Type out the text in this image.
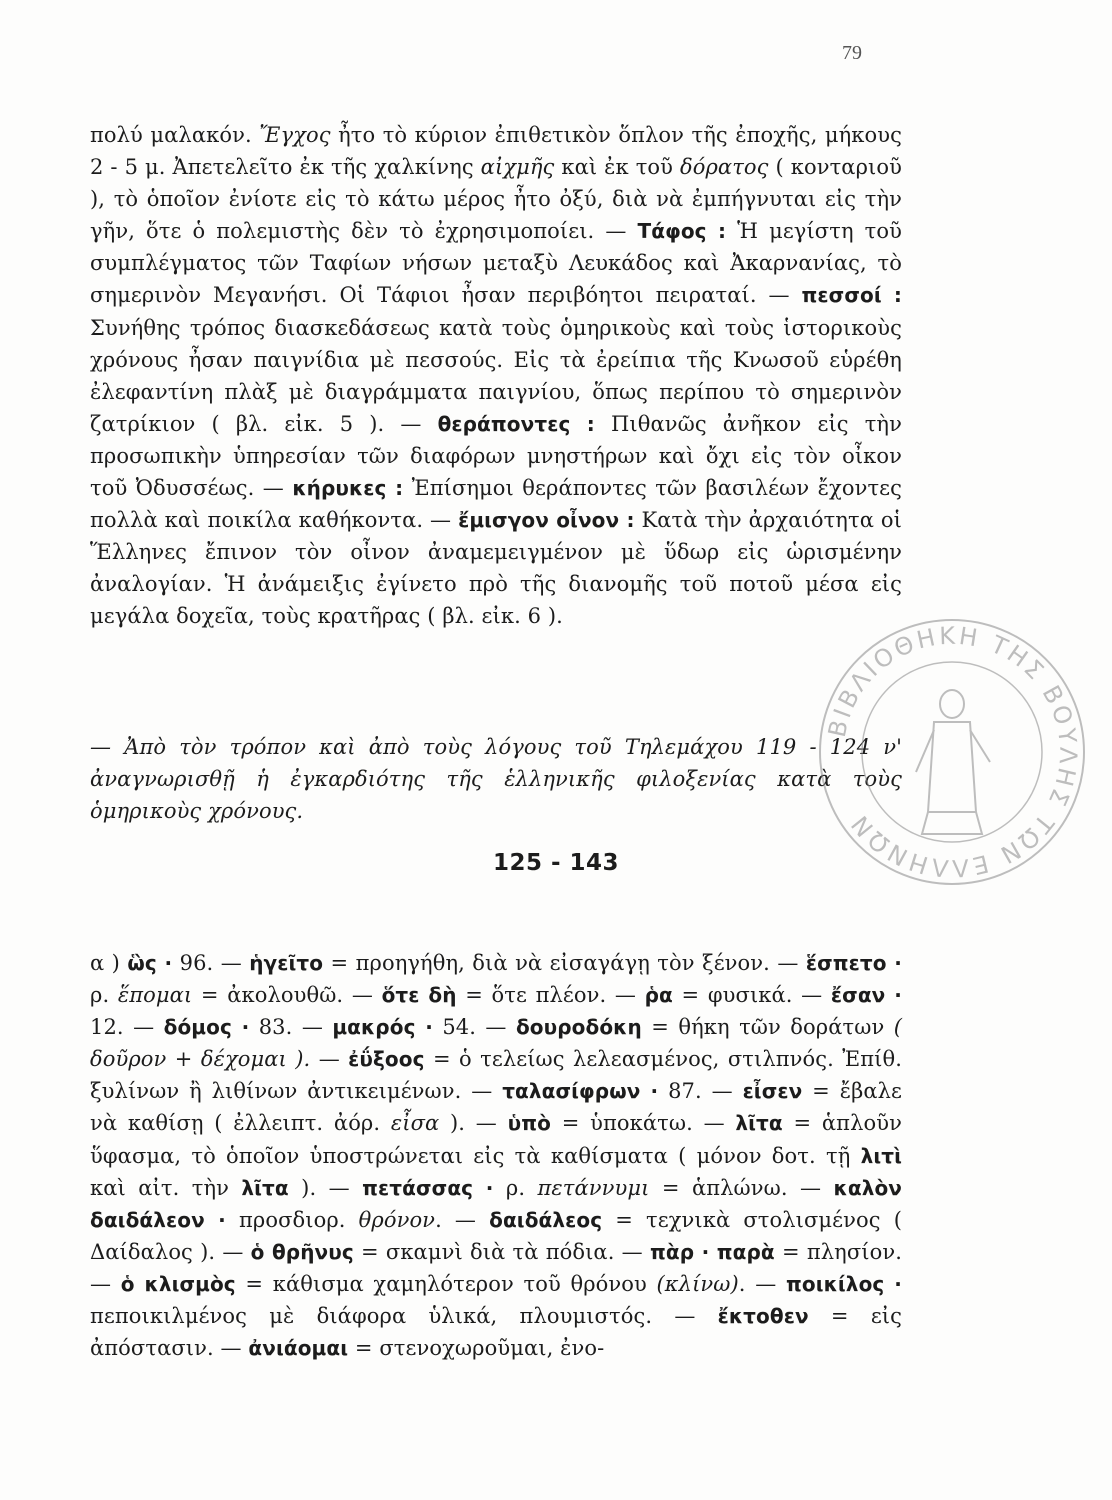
79

πολύ μαλακόν. Ἔγχος ἦτο τὸ κύριον ἐπιθετικὸν ὅπλον τῆς ἐποχῆς, μήκους 2 - 5 μ. Ἀπετελεῖτο ἐκ τῆς χαλκίνης αἰχμῆς καὶ ἐκ τοῦ δόρατος ( κονταριοῦ ), τὸ ὁποῖον ἐνίοτε εἰς τὸ κάτω μέρος ἦτο ὀξύ, διὰ νὰ ἐμπήγνυται εἰς τὴν γῆν, ὅτε ὁ πολεμιστὴς δὲν τὸ ἐχρησιμοποίει. — Τάφος : Ἡ μεγίστη τοῦ συμπλέγματος τῶν Ταφίων νήσων μεταξὺ Λευκάδος καὶ Ἀκαρνανίας, τὸ σημερινὸν Μεγανήσι. Οἱ Τάφιοι ἦσαν περιβόητοι πειραταί. — πεσσοί : Συνήθης τρόπος διασκεδάσεως κατὰ τοὺς ὁμηρικοὺς καὶ τοὺς ἱστορικοὺς χρόνους ἦσαν παιγνίδια μὲ πεσσούς. Εἰς τὰ ἐρείπια τῆς Κνωσοῦ εὑρέθη ἐλεφαντίνη πλὰξ μὲ διαγράμματα παιγνίου, ὅπως περίπου τὸ σημερινὸν ζατρίκιον ( βλ. εἰκ. 5 ). — θεράποντες : Πιθανῶς ἀνῆκον εἰς τὴν προσωπικὴν ὑπηρεσίαν τῶν διαφόρων μνηστήρων καὶ ὄχι εἰς τὸν οἶκον τοῦ Ὀδυσσέως. — κήρυκες : Ἐπίσημοι θεράποντες τῶν βασιλέων ἔχοντες πολλὰ καὶ ποικίλα καθήκοντα. — ἔμισγον οἶνον : Κατὰ τὴν ἀρχαιότητα οἱ Ἕλληνες ἔπινον τὸν οἶνον ἀναμεμειγμένον μὲ ὕδωρ εἰς ὡρισμένην ἀναλογίαν. Ἡ ἀνάμειξις ἐγίνετο πρὸ τῆς διανομῆς τοῦ ποτοῦ μέσα εἰς μεγάλα δοχεῖα, τοὺς κρατῆρας ( βλ. εἰκ. 6 ).

— Ἀπὸ τὸν τρόπον καὶ ἀπὸ τοὺς λόγους τοῦ Τηλεμάχου 119 - 124 ν' ἀναγνωρισθῇ ἡ ἐγκαρδιότης τῆς ἑλληνικῆς φιλοξενίας κατὰ τοὺς ὁμηρικοὺς χρόνους.

125 - 143

α ) ὣς · 96. — ἡγεῖτο = προηγήθη, διὰ νὰ εἰσαγάγῃ τὸν ξένον. — ἕσπετο · ρ. ἕπομαι = ἀκολουθῶ. — ὅτε δὴ = ὅτε πλέον. — ῥα = φυσικά. — ἔσαν · 12. — δόμος · 83. — μακρός · 54. — δουροδόκη = θήκη τῶν δοράτων ( δοῦρον + δέχομαι ). — ἐΰξοος = ὁ τελείως λελεασμένος, στιλπνός. Ἐπίθ. ξυλίνων ἢ λιθίνων ἀντικειμένων. — ταλασίφρων · 87. — εἶσεν = ἔβαλε νὰ καθίσῃ ( ἐλλειπτ. ἀόρ. εἶσα ). — ὑπὸ = ὑποκάτω. — λῖτα = ἁπλοῦν ὕφασμα, τὸ ὁποῖον ὑποστρώνεται εἰς τὰ καθίσματα ( μόνον δοτ. τῇ λιτὶ καὶ αἰτ. τὴν λῖτα ). — πετάσσας · ρ. πετάννυμι = ἁπλώνω. — καλὸν δαιδάλεον · προσδιορ. θρόνον. — δαιδάλεος = τεχνικὰ στολισμένος ( Δαίδαλος ). — ὁ θρῆνυς = σκαμνὶ διὰ τὰ πόδια. — πὰρ · παρὰ = πλησίον. — ὁ κλισμὸς = κάθισμα χαμηλότερον τοῦ θρόνου (κλίνω). — ποικίλος · πεποικιλμένος μὲ διάφορα ὑλικά, πλουμιστός. — ἔκτοθεν = εἰς ἀπόστασιν. — ἀνιάομαι = στενοχωροῦμαι, ἐνο-

ΒΙΒΛΙΟΘΗΚΗ ΤΗΣ ΒΟΥΛΗΣ ΤΩΝ ΕΛΛΗΝΩΝ
